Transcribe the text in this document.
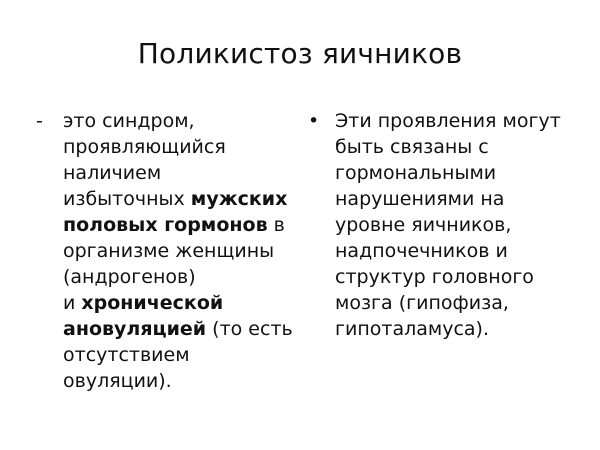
Поликистоз яичников
-	это синдром,
проявляющийся
наличием
избыточных мужских
половых гормонов в
организме женщины
(андрогенов)
и хронической
ановуляцией (то есть
отсутствием
овуляции).
• Эти проявления могут
быть связаны с
гормональными
нарушениями на
уровне яичников,
надпочечников и
структур головного
мозга (гипофиза,
гипоталамуса).
